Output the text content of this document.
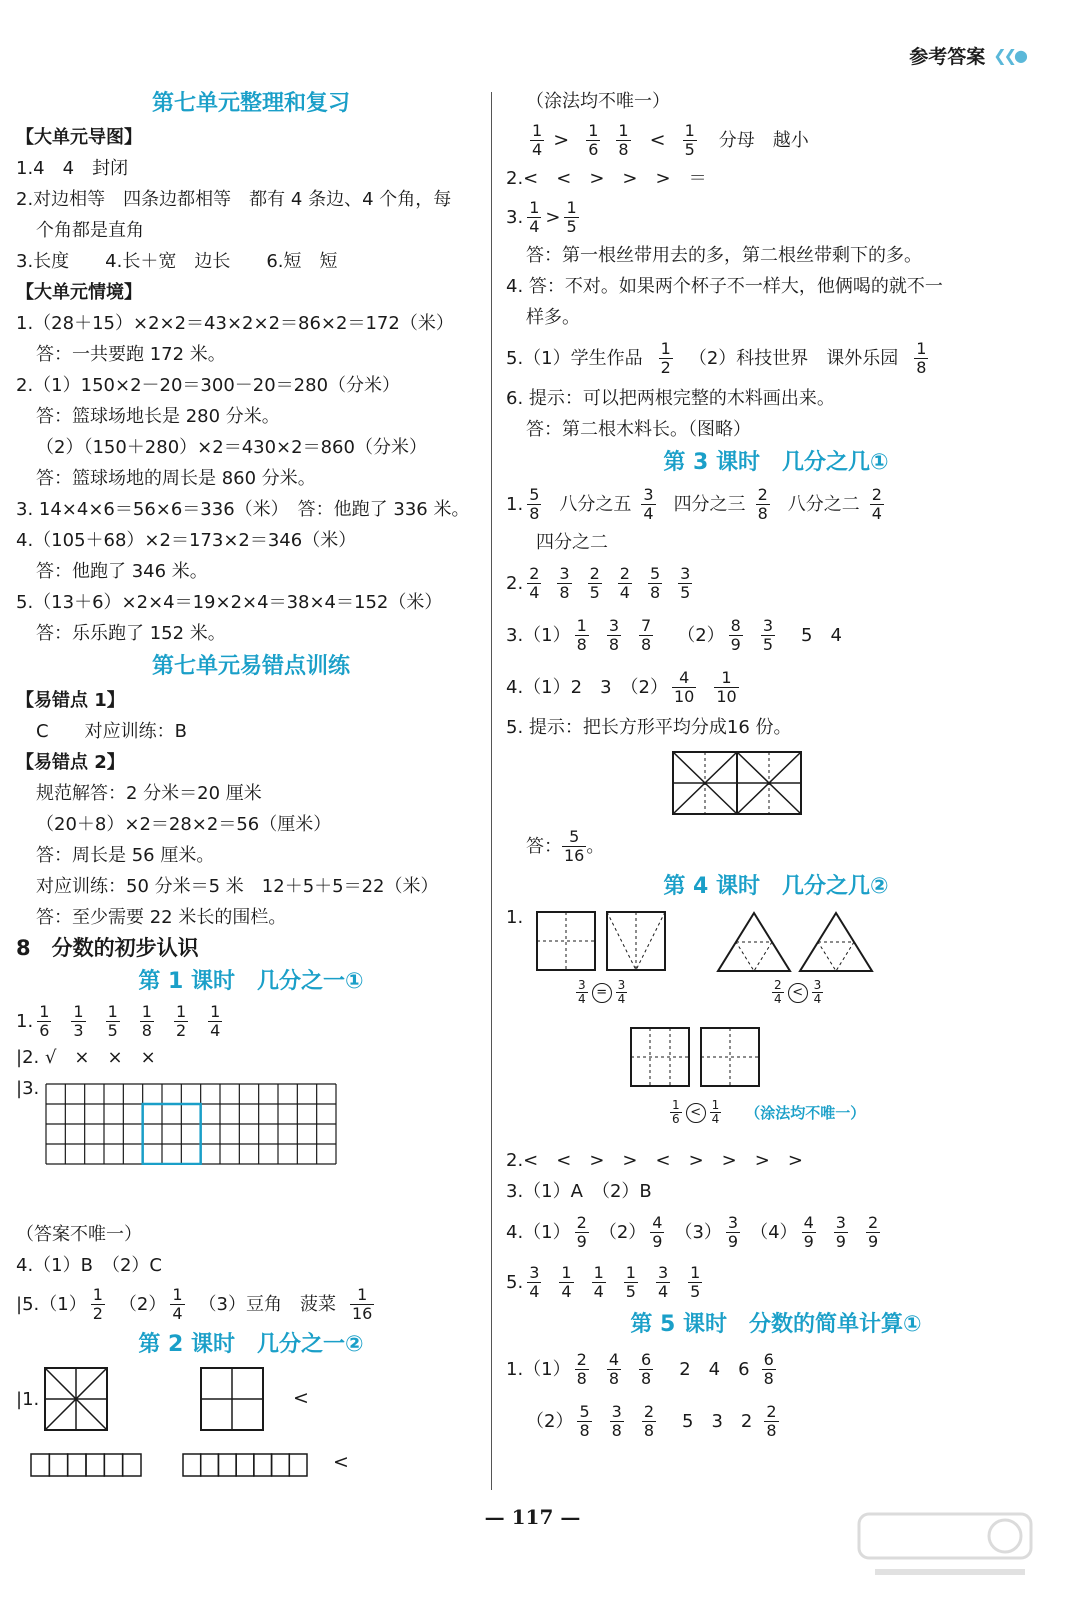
参考答案 ❮❮●
第七单元整理和复习
【大单元导图】
1.4　4　封闭
2.对边相等　四条边都相等　都有 4 条边、4 个角，每
个角都是直角
3.长度　　4.长＋宽　边长　　6.短　短
【大单元情境】
1.（28＋15）×2×2＝43×2×2＝86×2＝172（米）
答：一共要跑 172 米。
2.（1）150×2－20＝300－20＝280（分米）
答：篮球场地长是 280 分米。
（2）（150＋280）×2＝430×2＝860（分米）
答：篮球场地的周长是 860 分米。
3. 14×4×6＝56×6＝336（米）　答：他跑了 336 米。
4.（105＋68）×2＝173×2＝346（米）
答：他跑了 346 米。
5.（13＋6）×2×4＝19×2×4＝38×4＝152（米）
答：乐乐跑了 152 米。
第七单元易错点训练
【易错点 1】
C　　对应训练：B
【易错点 2】
规范解答：2 分米＝20 厘米
（20＋8）×2＝28×2＝56（厘米）
答：周长是 56 厘米。
对应训练：50 分米＝5 米　12＋5＋5＝22（米）
答：至少需要 22 米长的围栏。
8　分数的初步认识
第 1 课时　几分之一①
1. $\frac{1}{6} \frac{1}{3} \frac{1}{5} \frac{1}{8} \frac{1}{2} \frac{1}{4}$
|2. √　×　×　×
|3.
（答案不唯一）
4.（1）B　（2）C
$|5.(1) \frac{1}{2} (2) \frac{1}{4} (3)$豆角　菠菜 $\frac{1}{16}$
第 2 课时　几分之一②
|1.	<
<
（涂法均不唯一）
$\frac{1}{4}$ >	$\frac{1}{6} \frac{1}{8}$ <	$\frac{1}{5}$ 分母　越小
2.<　<　>　>　>　＝
3. $\frac{1}{4} > \frac{1}{5}$
答：第一根丝带用去的多，第二根丝带剩下的多。
4. 答：不对。如果两个杯子不一样大，他俩喝的就不一
样多。
5.（1）学生作品 $\frac{1}{2} (2)$科技世界　课外乐园 $\frac{1}{8}$
6. 提示：可以把两根完整的木料画出来。
答：第二根木料长。（图略）
第 3 课时　几分之几①
1. $\frac{5}{8}$ 八分之五 $\frac{3}{4}$ 四分之三 $\frac{2}{8}$ 八分之二 $\frac{2}{4}$
四分之二
2. $\frac{2}{4} \frac{3}{8} \frac{2}{5} \frac{2}{4} \frac{5}{8} \frac{3}{5}$
$3.(1) \frac{1}{8} \frac{3}{8} \frac{7}{8} (2) \frac{8}{9} \frac{3}{5} 5$　4
4.（1）2　3　$(2) \frac{4}{10} \frac{1}{10}$
5. 提示：把长方形平均分成16 份。
答： $\frac{5}{16}$ 。
第 4 课时　几分之几②
1.
$\frac{3}{4} = \frac{3}{4}$	$\frac{2}{4} < \frac{3}{4}$
$\frac{1}{6} < \frac{1}{4}$ （涂法均不唯一）
2.<　<　>　>　<　>　>　>　>
3.（1）A　（2）B
$4.(1) \frac{2}{9} (2) \frac{4}{9} (3) \frac{3}{9} (4) \frac{4}{9} \frac{3}{9} \frac{2}{9}$
5. $\frac{3}{4} \frac{1}{4} \frac{1}{4} \frac{1}{5} \frac{3}{4} \frac{1}{5}$
第 5 课时　分数的简单计算①
$1.(1) \frac{2}{8} \frac{4}{8} \frac{6}{8} 2$　4　$6 \frac{6}{8}$
$(2) \frac{5}{8} \frac{3}{8} \frac{2}{8} 5$　3　$2 \frac{2}{8}$
— 117 —
